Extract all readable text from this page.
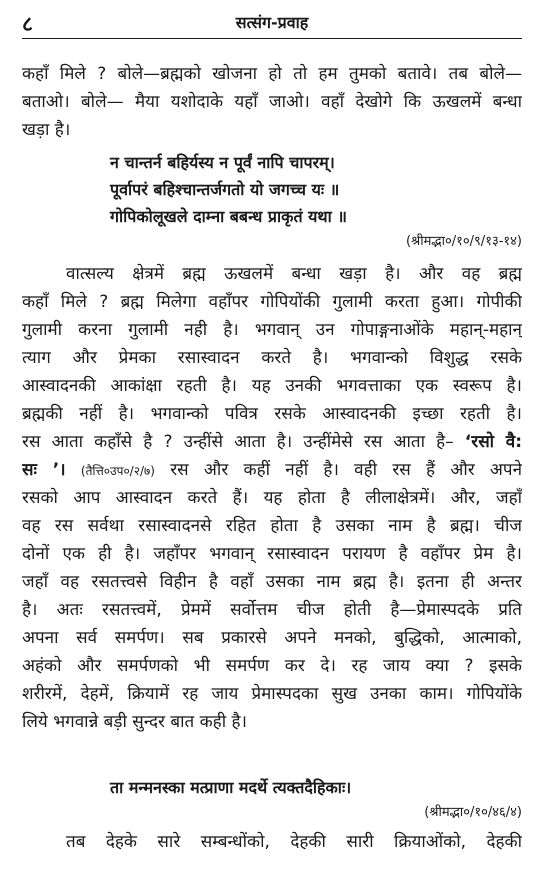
८	सत्संग-प्रवाह
कहाँ मिले ? बोले—ब्रह्मको खोजना हो तो हम तुमको बतावे। तब बोले—
बताओ। बोले— मैया यशोदाके यहाँ जाओ। वहाँ देखोगे कि ऊखलमें बन्धा
खड़ा है।
न चान्तर्न बहिर्यस्य न पूर्वं नापि चापरम्।
पूर्वापरं बहिश्चान्तर्जगतो यो जगच्च यः ॥
गोपिकोलूखले दाम्ना बबन्ध प्राकृतं यथा ॥
(श्रीमद्भा०/१०/९/१३-१४)
वात्सल्य क्षेत्रमें ब्रह्म ऊखलमें बन्धा खड़ा है। और वह ब्रह्म
कहाँ मिले ? ब्रह्म मिलेगा वहाँपर गोपियोंकी गुलामी करता हुआ। गोपीकी
गुलामी करना गुलामी नही है। भगवान् उन गोपाङ्गनाओंके महान्-महान्
त्याग और प्रेमका रसास्वादन करते है। भगवान्को विशुद्ध रसके
आस्वादनकी आकांक्षा रहती है। यह उनकी भगवत्ताका एक स्वरूप है।
ब्रह्मकी नहीं है। भगवान्को पवित्र रसके आस्वादनकी इच्छा रहती है।
रस आता कहाँसे है ? उन्हींसे आता है। उन्हींमेसे रस आता है– ‘रसो वै:
सः ’। (तैत्ति०उप०/२/७) रस और कहीं नहीं है। वही रस हैं और अपने
रसको आप आस्वादन करते हैं। यह होता है लीलाक्षेत्रमें। और, जहाँ
वह रस सर्वथा रसास्वादनसे रहित होता है उसका नाम है ब्रह्म। चीज
दोनों एक ही है। जहाँपर भगवान् रसास्वादन परायण है वहाँपर प्रेम है।
जहाँ वह रसतत्त्वसे विहीन है वहाँ उसका नाम ब्रह्म है। इतना ही अन्तर
है। अतः रसतत्त्वमें, प्रेममें सर्वोत्तम चीज होती है—प्रेमास्पदके प्रति
अपना सर्व समर्पण। सब प्रकारसे अपने मनको, बुद्धिको, आत्माको,
अहंको और समर्पणको भी समर्पण कर दे। रह जाय क्या ? इसके
शरीरमें, देहमें, क्रियामें रह जाय प्रेमास्पदका सुख उनका काम। गोपियोंके
लिये भगवान्ने बड़ी सुन्दर बात कही है।
ता मन्मनस्का मत्प्राणा मदर्थे त्यक्तदैहिकाः।
(श्रीमद्भा०/१०/४६/४)
तब देहके सारे सम्बन्धोंको, देहकी सारी क्रियाओंको, देहकी
